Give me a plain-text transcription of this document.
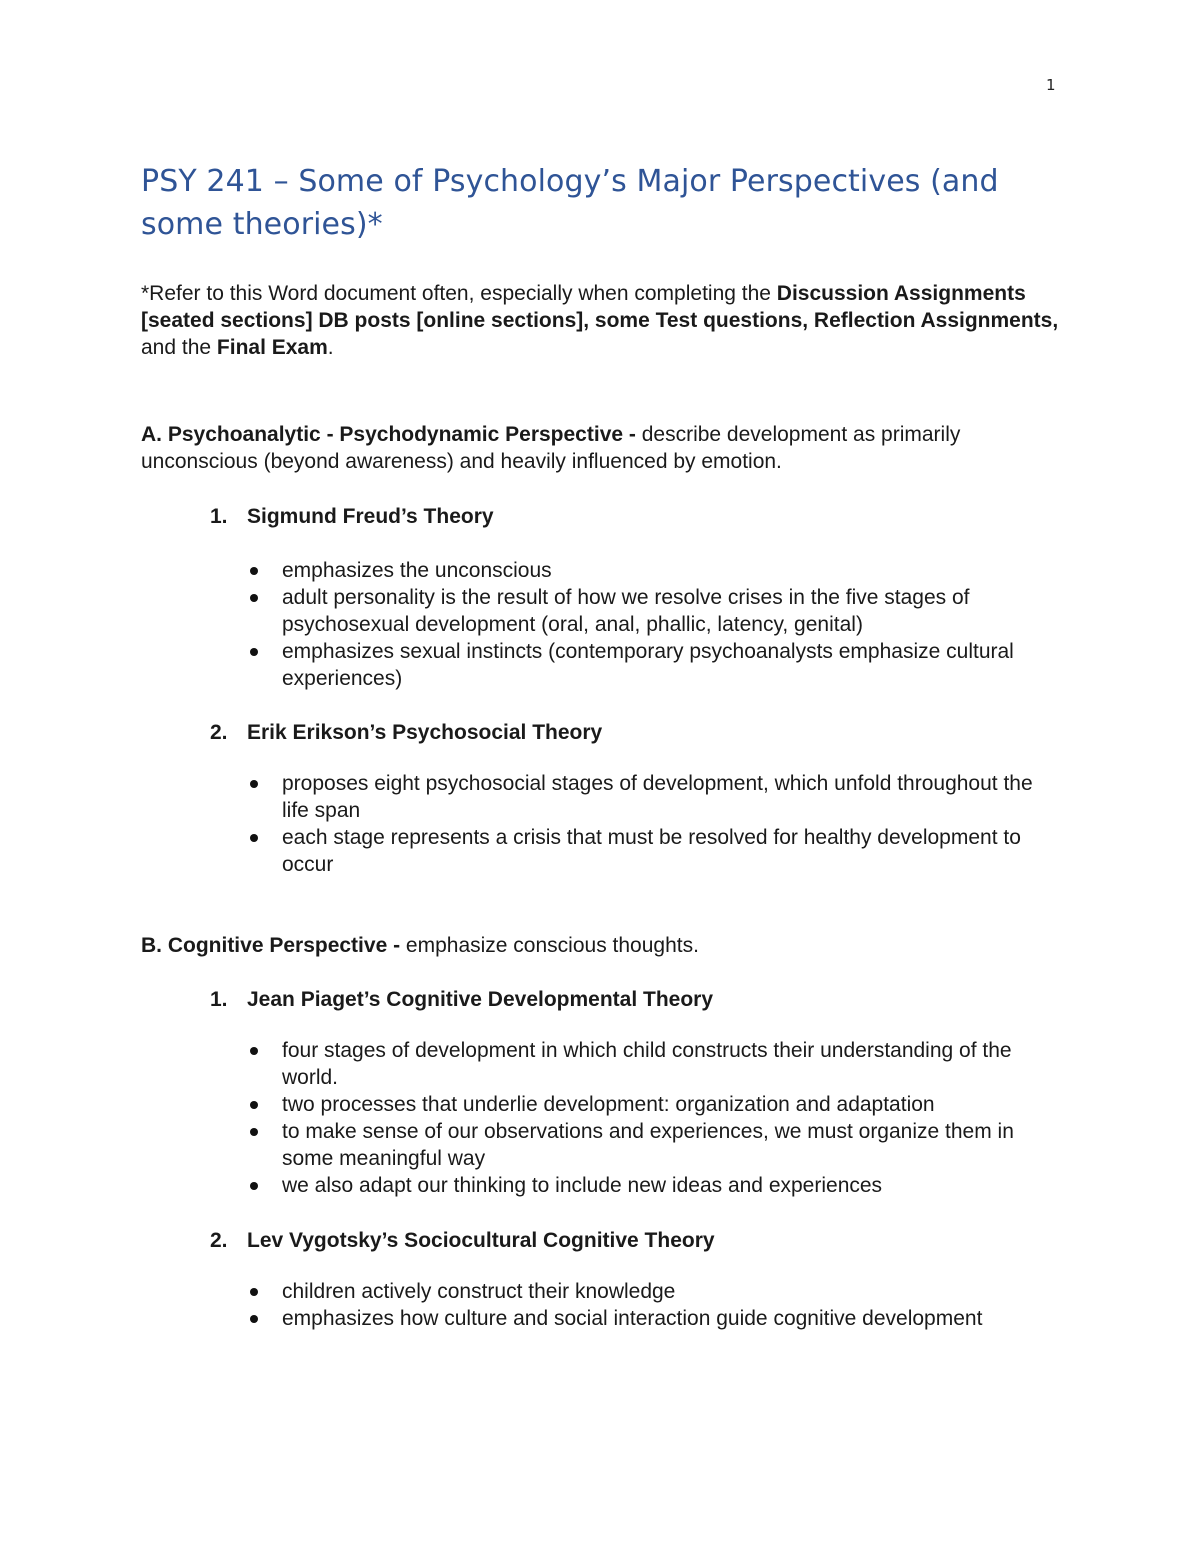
1
PSY 241 – Some of Psychology’s Major Perspectives (and some theories)*

*Refer to this Word document often, especially when completing the Discussion Assignments [seated sections] DB posts [online sections], some Test questions, Reflection Assignments, and the Final Exam.

A. Psychoanalytic - Psychodynamic Perspective - describe development as primarily unconscious (beyond awareness) and heavily influenced by emotion.

1. Sigmund Freud’s Theory

emphasizes the unconscious
adult personality is the result of how we resolve crises in the five stages of psychosexual development (oral, anal, phallic, latency, genital)
emphasizes sexual instincts (contemporary psychoanalysts emphasize cultural experiences)

2. Erik Erikson’s Psychosocial Theory

proposes eight psychosocial stages of development, which unfold throughout the life span
each stage represents a crisis that must be resolved for healthy development to occur

B. Cognitive Perspective - emphasize conscious thoughts.

1. Jean Piaget’s Cognitive Developmental Theory

four stages of development in which child constructs their understanding of the world.
two processes that underlie development: organization and adaptation
to make sense of our observations and experiences, we must organize them in some meaningful way
we also adapt our thinking to include new ideas and experiences

2. Lev Vygotsky’s Sociocultural Cognitive Theory

children actively construct their knowledge
emphasizes how culture and social interaction guide cognitive development
